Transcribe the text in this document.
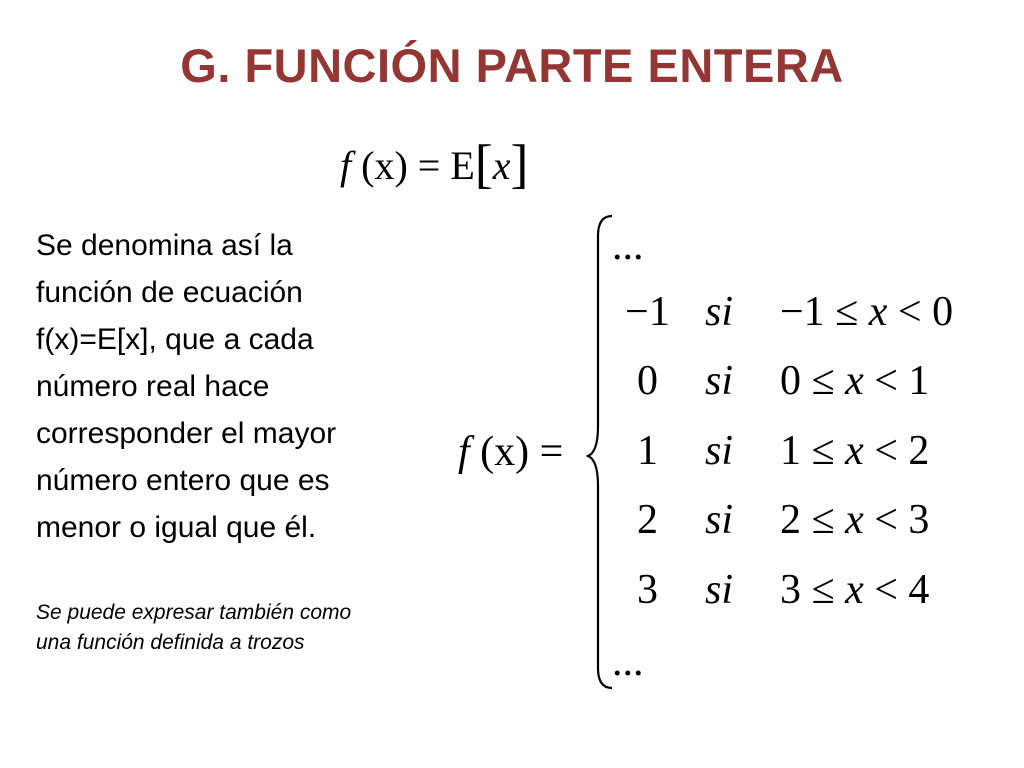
G. FUNCIÓN PARTE ENTERA
f (x) = E[x]
Se denomina así la función de ecuación f(x)=E[x], que a cada número real hace corresponder el mayor número entero que es menor o igual que él.
Se puede expresar también como una función definida a trozos
f (x) =
...
−1 si −1 ≤ x < 0
0	si 0 ≤ x < 1
1	si 1 ≤ x < 2
2	si 2 ≤ x < 3
3	si 3 ≤ x < 4
...
